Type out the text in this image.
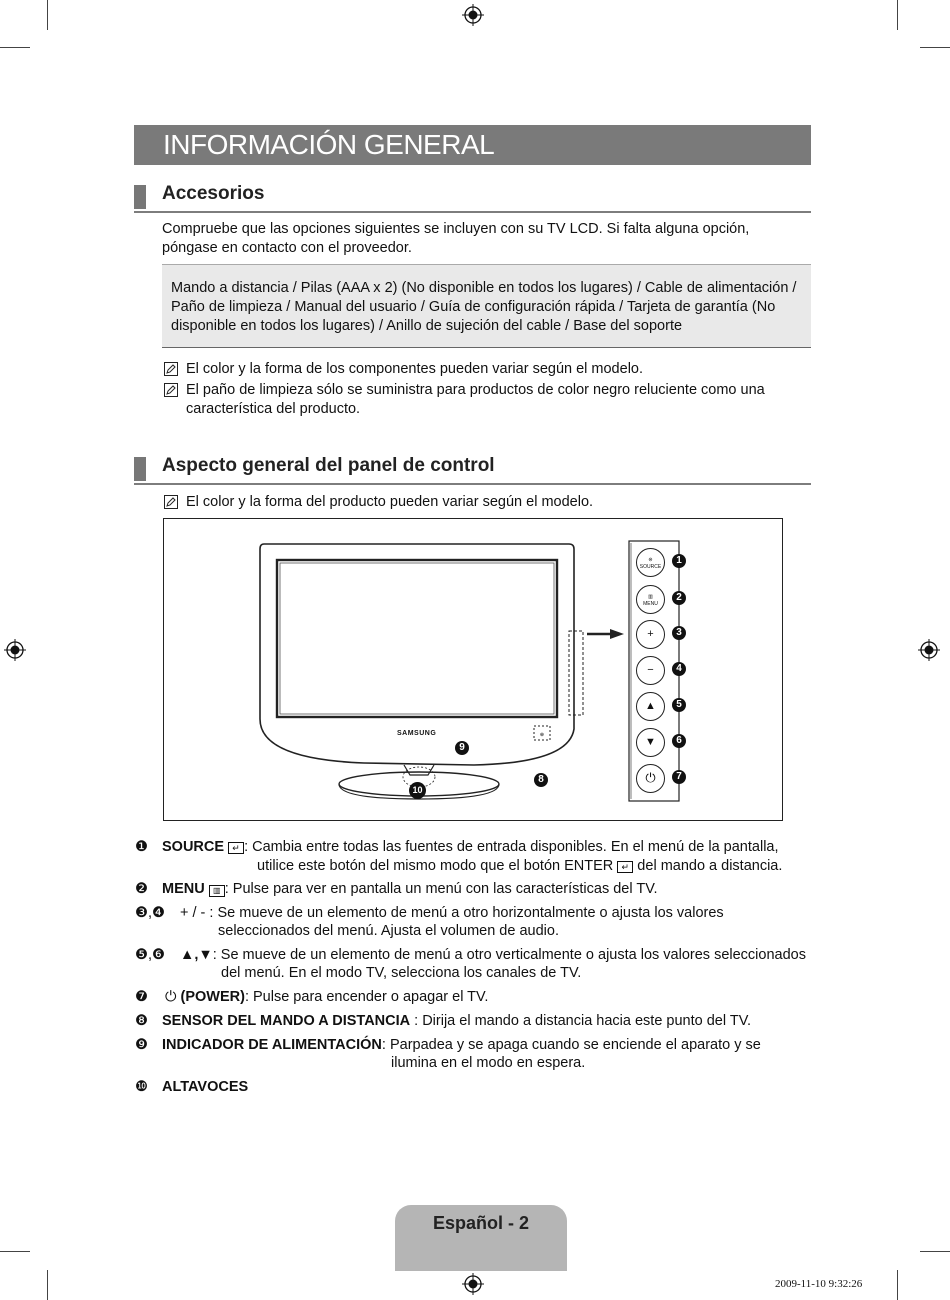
INFORMACIÓN GENERAL
Accesorios
Compruebe que las opciones siguientes se incluyen con su TV LCD. Si falta alguna opción, póngase en contacto con el proveedor.
Mando a distancia / Pilas (AAA x 2) (No disponible en todos los lugares) / Cable de alimentación / Paño de limpieza / Manual del usuario / Guía de configuración rápida / Tarjeta de garantía (No disponible en todos los lugares) / Anillo de sujeción del cable / Base del soporte
El color y la forma de los componentes pueden variar según el modelo.
El paño de limpieza sólo se suministra para productos de color negro reluciente como una característica del producto.
Aspecto general del panel de control
El color y la forma del producto pueden variar según el modelo.
⊕
SAMSUNG
⊜
SOURCE
▥
MENU
+
−
▲
▼
⏻
1
2
3
4
5
6
7
8
9
10
❶ SOURCE ↵ : Cambia entre todas las fuentes de entrada disponibles. En el menú de la pantalla,
utilice este botón del mismo modo que el botón ENTER ↵ del mando a distancia.
❷ MENU ▥ : Pulse para ver en pantalla un menú con las características del TV.
❸,❹ + / - : Se mueve de un elemento de menú a otro horizontalmente o ajusta los valores
seleccionados del menú. Ajusta el volumen de audio.
❺,❻ ▲,▼: Se mueve de un elemento de menú a otro verticalmente o ajusta los valores seleccionados
del menú. En el modo TV, selecciona los canales de TV.
❼ ⏻ (POWER): Pulse para encender o apagar el TV.
❽ SENSOR DEL MANDO A DISTANCIA : Dirija el mando a distancia hacia este punto del TV.
❾ INDICADOR DE ALIMENTACIÓN: Parpadea y se apaga cuando se enciende el aparato y se
ilumina en el modo en espera.
❿ ALTAVOCES
Español - 2
2009-11-10 9:32:26
